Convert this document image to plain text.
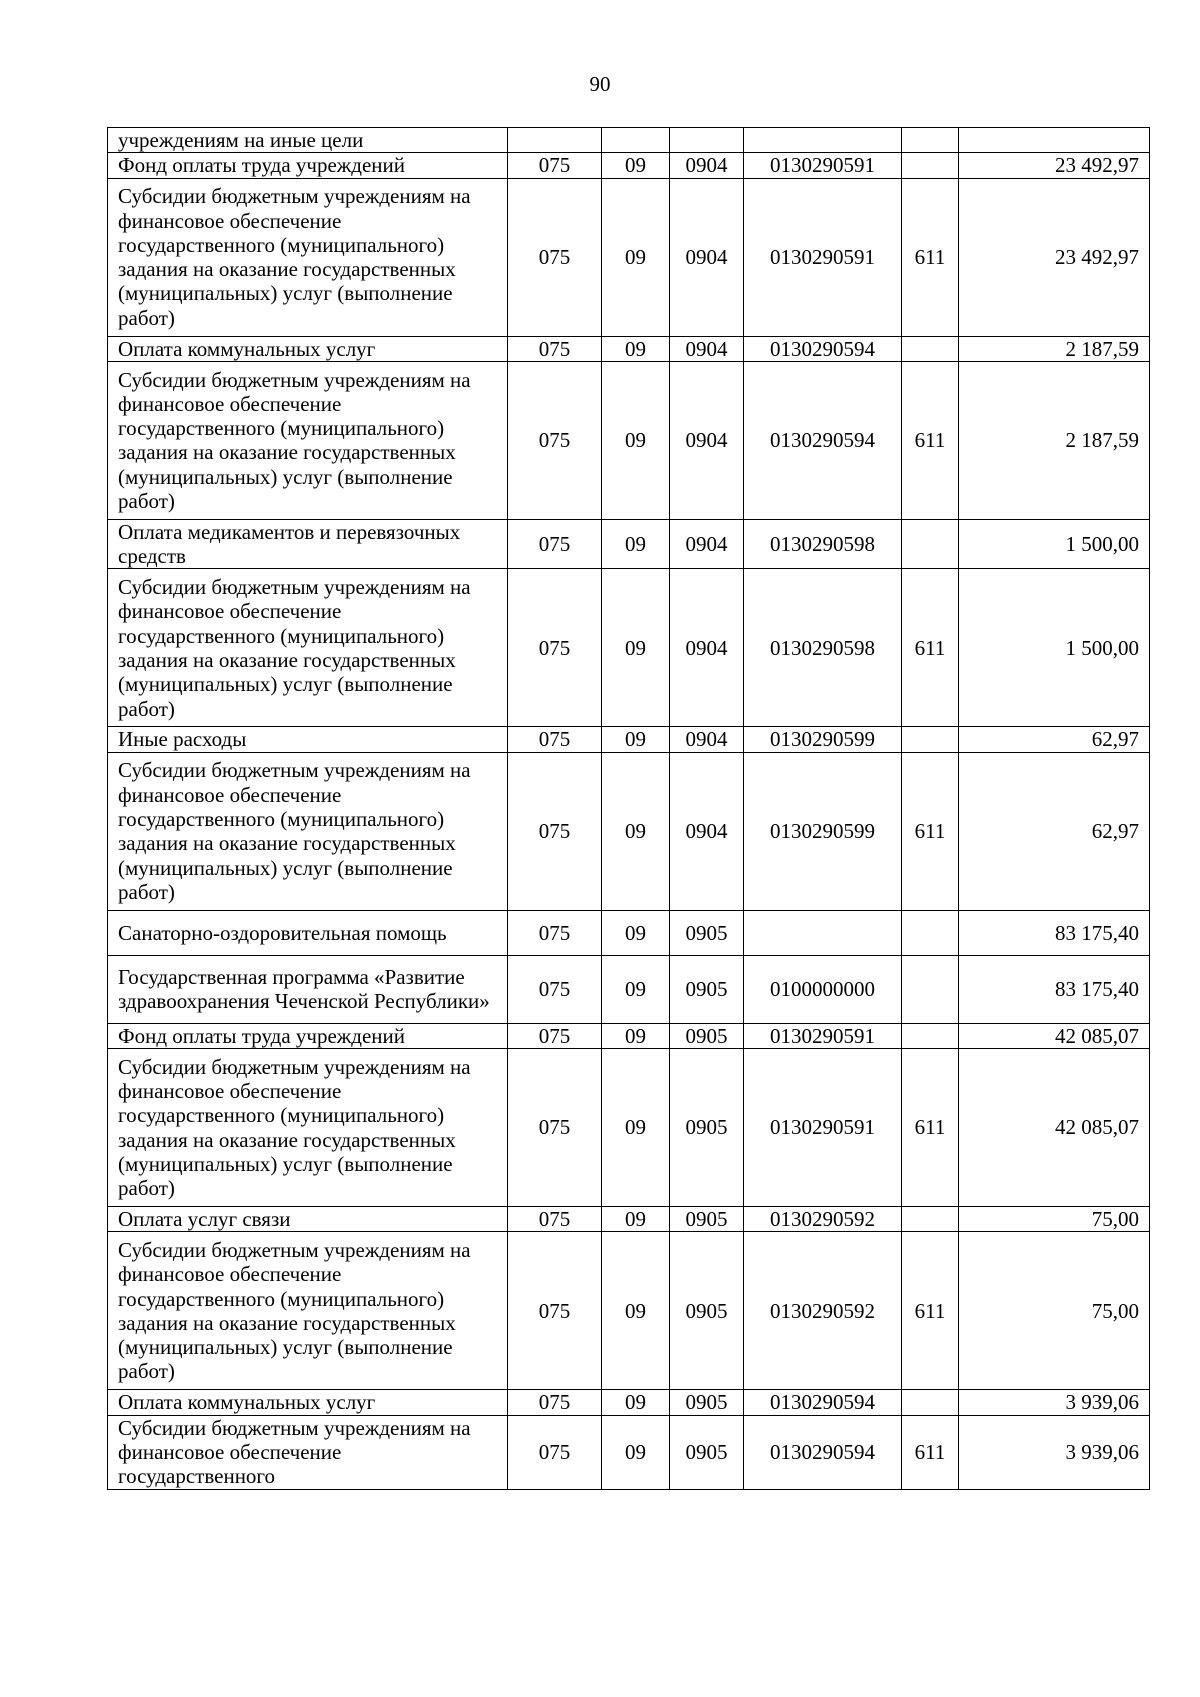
90
учреждениям на иные цели						
Фонд оплаты труда учреждений	075	09	0904	0130290591		23 492,97
Субсидии бюджетным учреждениям на финансовое обеспечение государственного (муниципального) задания на оказание государственных (муниципальных) услуг (выполнение работ)	075	09	0904	0130290591	611	23 492,97
Оплата коммунальных услуг	075	09	0904	0130290594		2 187,59
Субсидии бюджетным учреждениям на финансовое обеспечение государственного (муниципального) задания на оказание государственных (муниципальных) услуг (выполнение работ)	075	09	0904	0130290594	611	2 187,59
Оплата медикаментов и перевязочных средств	075	09	0904	0130290598		1 500,00
Субсидии бюджетным учреждениям на финансовое обеспечение государственного (муниципального) задания на оказание государственных (муниципальных) услуг (выполнение работ)	075	09	0904	0130290598	611	1 500,00
Иные расходы	075	09	0904	0130290599		62,97
Субсидии бюджетным учреждениям на финансовое обеспечение государственного (муниципального) задания на оказание государственных (муниципальных) услуг (выполнение работ)	075	09	0904	0130290599	611	62,97
Санаторно-оздоровительная помощь	075	09	0905			83 175,40
Государственная программа «Развитие здравоохранения Чеченской Республики»	075	09	0905	0100000000		83 175,40
Фонд оплаты труда учреждений	075	09	0905	0130290591		42 085,07
Субсидии бюджетным учреждениям на финансовое обеспечение государственного (муниципального) задания на оказание государственных (муниципальных) услуг (выполнение работ)	075	09	0905	0130290591	611	42 085,07
Оплата услуг связи	075	09	0905	0130290592		75,00
Субсидии бюджетным учреждениям на финансовое обеспечение государственного (муниципального) задания на оказание государственных (муниципальных) услуг (выполнение работ)	075	09	0905	0130290592	611	75,00
Оплата коммунальных услуг	075	09	0905	0130290594		3 939,06
Субсидии бюджетным учреждениям на финансовое обеспечение государственного	075	09	0905	0130290594	611	3 939,06
